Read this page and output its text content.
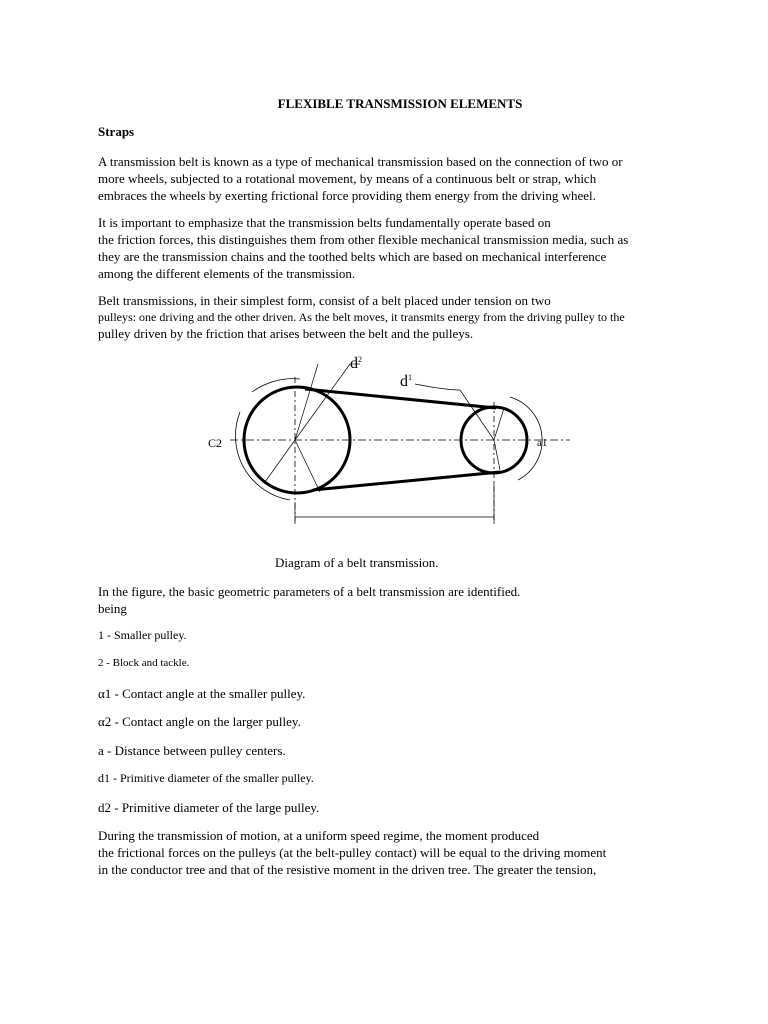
FLEXIBLE TRANSMISSION ELEMENTS
Straps
A transmission belt is known as a type of mechanical transmission based on the connection of two or
more wheels, subjected to a rotational movement, by means of a continuous belt or strap, which
embraces the wheels by exerting frictional force providing them energy from the driving wheel.
It is important to emphasize that the transmission belts fundamentally operate based on
the friction forces, this distinguishes them from other flexible mechanical transmission media, such as
they are the transmission chains and the toothed belts which are based on mechanical interference
among the different elements of the transmission.
Belt transmissions, in their simplest form, consist of a belt placed under tension on two
pulleys: one driving and the other driven. As the belt moves, it transmits energy from the driving pulley to the
pulley driven by the friction that arises between the belt and the pulleys.
$d^2$
$d^1$
C2	a1
Diagram of a belt transmission.
In the figure, the basic geometric parameters of a belt transmission are identified.
being
1 - Smaller pulley.
2 - Block and tackle.
α1 - Contact angle at the smaller pulley.
α2 - Contact angle on the larger pulley.
a - Distance between pulley centers.
d1 - Primitive diameter of the smaller pulley.
d2 - Primitive diameter of the large pulley.
During the transmission of motion, at a uniform speed regime, the moment produced
the frictional forces on the pulleys (at the belt-pulley contact) will be equal to the driving moment
in the conductor tree and that of the resistive moment in the driven tree. The greater the tension,
